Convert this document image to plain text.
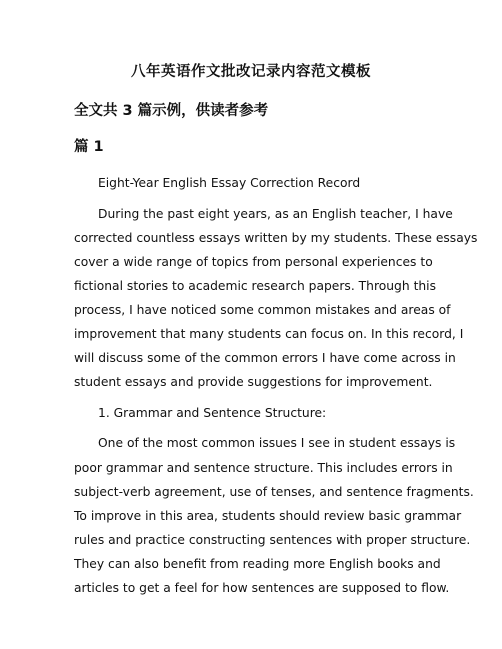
八年英语作文批改记录内容范文模板
全文共 3 篇示例，供读者参考
篇 1
Eight-Year English Essay Correction Record
During the past eight years, as an English teacher, I have
corrected countless essays written by my students. These essays
cover a wide range of topics from personal experiences to
fictional stories to academic research papers. Through this
process, I have noticed some common mistakes and areas of
improvement that many students can focus on. In this record, I
will discuss some of the common errors I have come across in
student essays and provide suggestions for improvement.
1. Grammar and Sentence Structure:
One of the most common issues I see in student essays is
poor grammar and sentence structure. This includes errors in
subject-verb agreement, use of tenses, and sentence fragments.
To improve in this area, students should review basic grammar
rules and practice constructing sentences with proper structure.
They can also benefit from reading more English books and
articles to get a feel for how sentences are supposed to flow.
